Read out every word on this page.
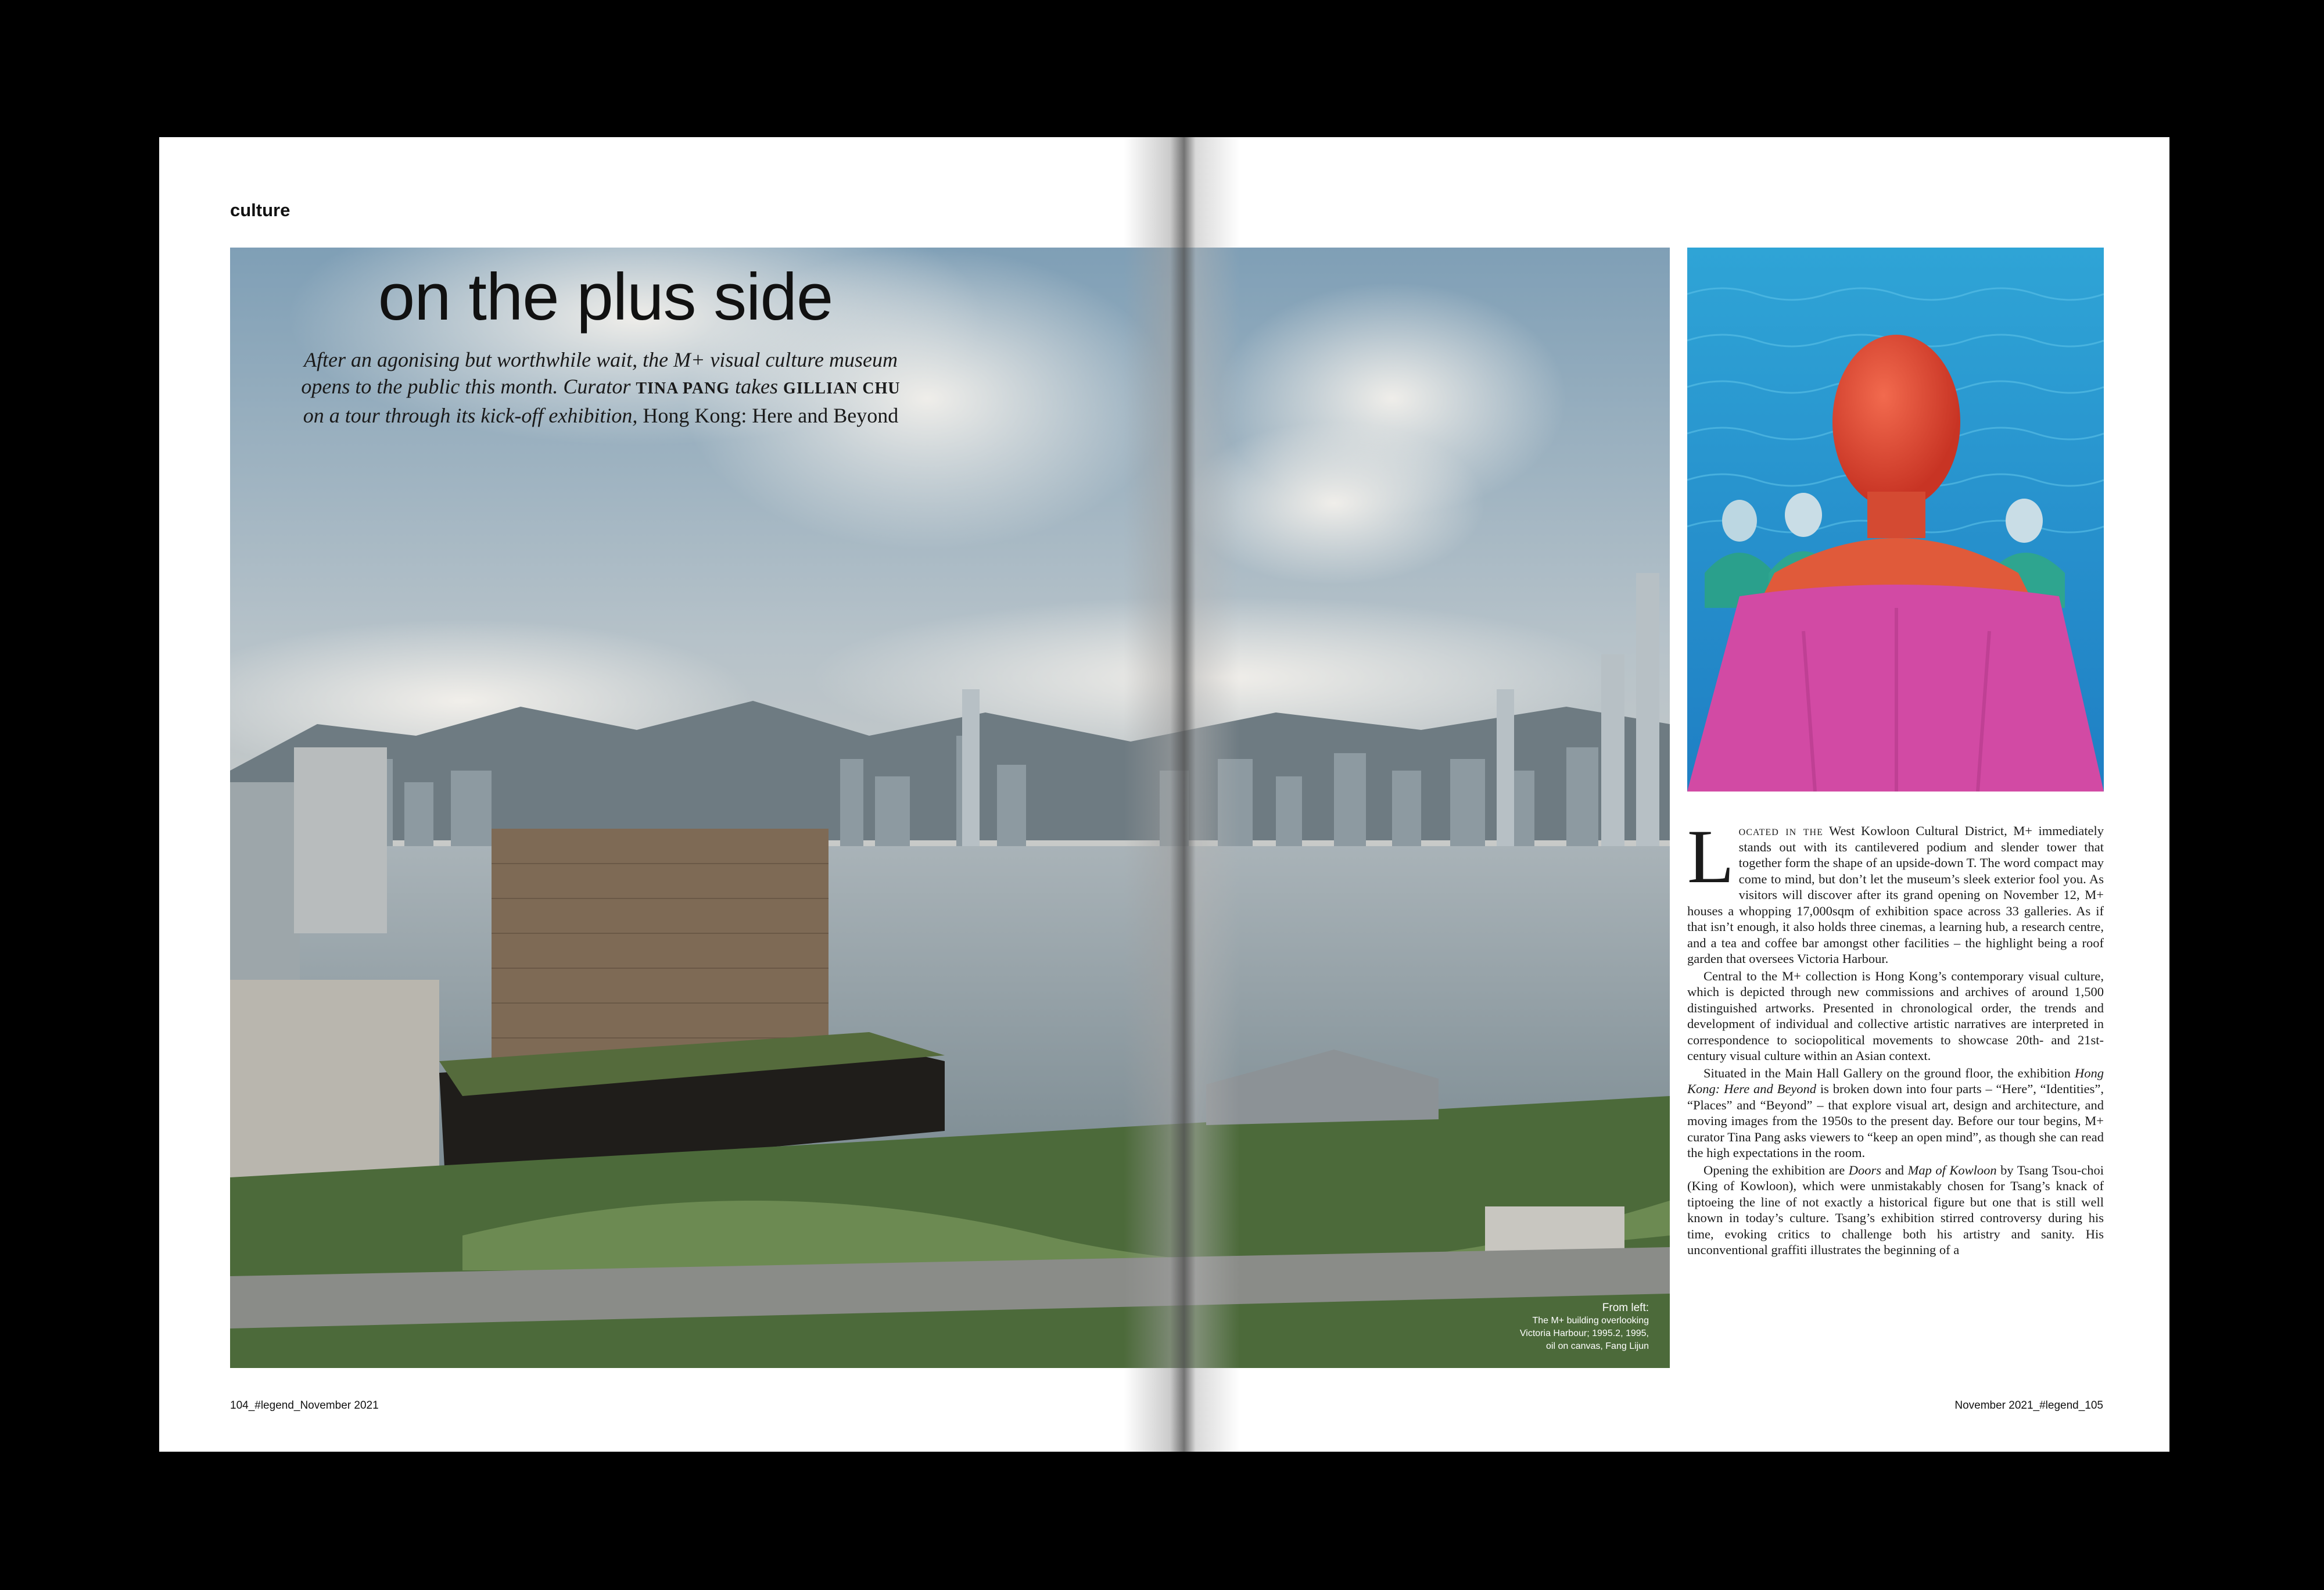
culture
From left:
The M+ building overlooking Victoria Harbour; 1995.2, 1995, oil on canvas, Fang Lijun
on the plus side
After an agonising but worthwhile wait, the M+ visual culture museum opens to the public this month. Curator TINA PANG takes GILLIAN CHU on a tour through its kick-off exhibition, Hong Kong: Here and Beyond

Located in the West Kowloon Cultural District, M+ immediately stands out with its cantilevered podium and slender tower that together form the shape of an upside-down T. The word compact may come to mind, but don’t let the museum’s sleek exterior fool you. As visitors will discover after its grand opening on November 12, M+ houses a whopping 17,000sqm of exhibition space across 33 galleries. As if that isn’t enough, it also holds three cinemas, a learning hub, a research centre, and a tea and coffee bar amongst other facilities – the highlight being a roof garden that oversees Victoria Harbour.

Central to the M+ collection is Hong Kong’s contemporary visual culture, which is depicted through new commissions and archives of around 1,500 distinguished artworks. Presented in chronological order, the trends and development of individual and collective artistic narratives are interpreted in correspondence to sociopolitical movements to showcase 20th- and 21st-century visual culture within an Asian context.

Situated in the Main Hall Gallery on the ground floor, the exhibition Hong Kong: Here and Beyond is broken down into four parts – “Here”, “Identities”, “Places” and “Beyond” – that explore visual art, design and architecture, and moving images from the 1950s to the present day. Before our tour begins, M+ curator Tina Pang asks viewers to “keep an open mind”, as though she can read the high expectations in the room.

Opening the exhibition are Doors and Map of Kowloon by Tsang Tsou-choi (King of Kowloon), which were unmistakably chosen for Tsang’s knack of tiptoeing the line of not exactly a historical figure but one that is still well known in today’s culture. Tsang’s exhibition stirred controversy during his time, evoking critics to challenge both his artistry and sanity. His unconventional graffiti illustrates the beginning of a

104_#legend_November 2021	November 2021_#legend_105
